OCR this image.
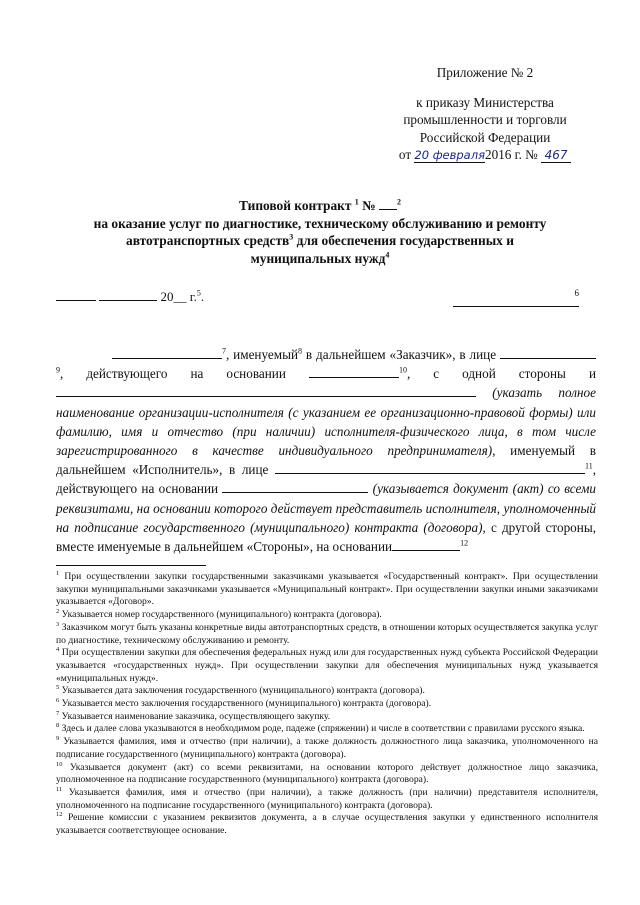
Приложение № 2
к приказу Министерства
промышленности и торговли
Российской Федерации
от 20 февраля2016 г. № 467
Типовой контракт $^1$ №	$^2$
на оказание услуг по диагностике, техническому обслуживанию и ремонту
автотранспортных средств$^3$ для обеспечения государственных и
муниципальных нужд$^4$
20__ г.$^5$.	6
$^7$, именуемый$^8$ в дальнейшем «Заказчик», в лице $^9$, действующего на основании	$^{10}$, с одной стороны и  (указать полное наименование организации-исполнителя (с указанием ее организационно-правовой формы) или фамилию, имя и отчество (при наличии) исполнителя-физического лица, в том числе зарегистрированного в качестве индивидуального предпринимателя), именуемый в дальнейшем «Исполнитель», в лице	$^{11}$, действующего на основании	(указывается документ (акт) со всеми реквизитами, на основании которого действует представитель исполнителя, уполномоченный на подписание государственного (муниципального) контракта (договора), с другой стороны, вместе именуемые в дальнейшем «Стороны», на основании	$^{12}$

$^1$ При осуществлении закупки государственными заказчиками указывается «Государственный контракт». При осуществлении закупки муниципальными заказчиками указывается «Муниципальный контракт». При осуществлении закупки иными заказчиками указывается «Договор».

$^2$ Указывается номер государственного (муниципального) контракта (договора).

$^3$ Заказчиком могут быть указаны конкретные виды автотранспортных средств, в отношении которых осуществляется закупка услуг по диагностике, техническому обслуживанию и ремонту.

$^4$ При осуществлении закупки для обеспечения федеральных нужд или для государственных нужд субъекта Российской Федерации указывается «государственных нужд». При осуществлении закупки для обеспечения муниципальных нужд указывается «муниципальных нужд».

$^5$ Указывается дата заключения государственного (муниципального) контракта (договора).

$^6$ Указывается место заключения государственного (муниципального) контракта (договора).

$^7$ Указывается наименование заказчика, осуществляющего закупку.

$^8$ Здесь и далее слова указываются в необходимом роде, падеже (спряжении) и числе в соответствии с правилами русского языка.

$^9$ Указывается фамилия, имя и отчество (при наличии), а также должность должностного лица заказчика, уполномоченного на подписание государственного (муниципального) контракта (договора).

$^{10}$ Указывается документ (акт) со всеми реквизитами, на основании которого действует должностное лицо заказчика, уполномоченное на подписание государственного (муниципального) контракта (договора).

$^{11}$ Указывается фамилия, имя и отчество (при наличии), а также должность (при наличии) представителя исполнителя, уполномоченного на подписание государственного (муниципального) контракта (договора).

$^{12}$ Решение комиссии с указанием реквизитов документа, а в случае осуществления закупки у единственного исполнителя указывается соответствующее основание.
